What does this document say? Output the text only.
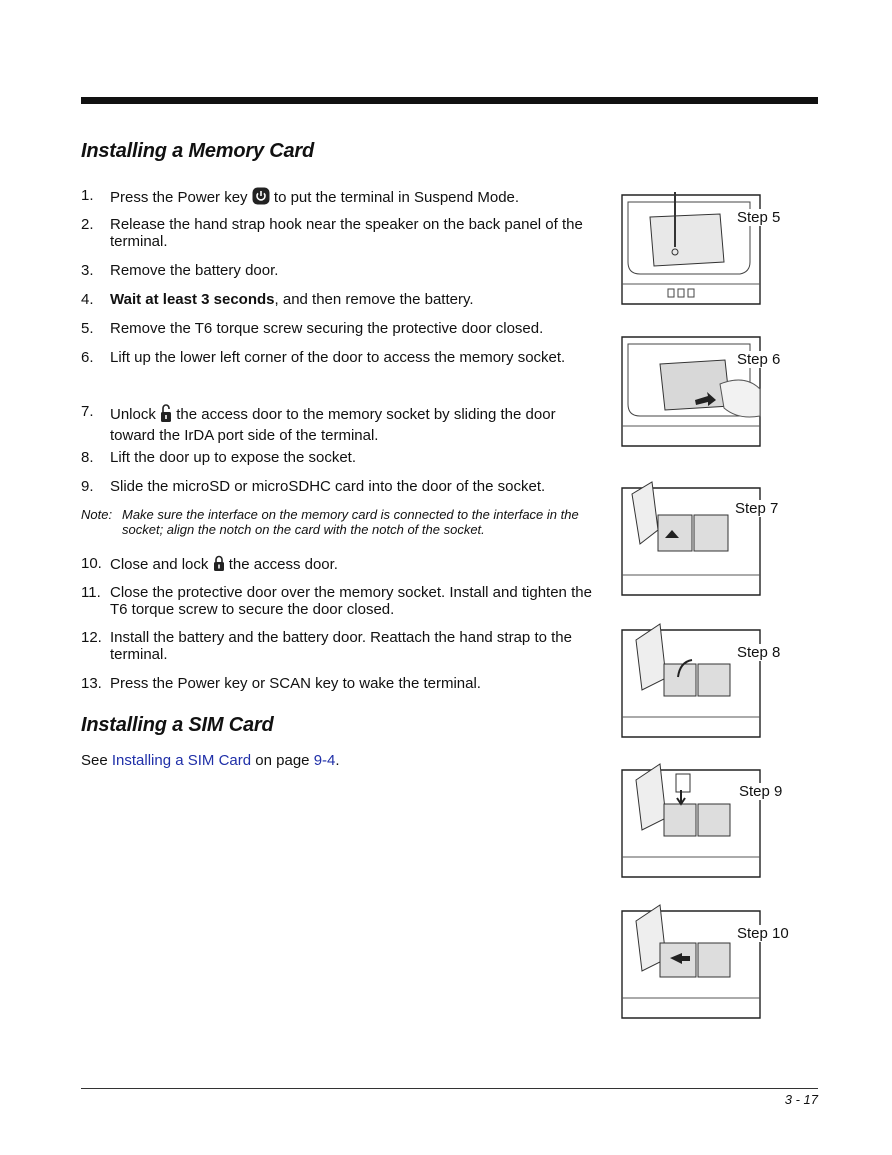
Installing a Memory Card
1.	Press the Power key to put the terminal in Suspend Mode.
2.	Release the hand strap hook near the speaker on the back panel of the terminal.
3.	Remove the battery door.
4.	Wait at least 3 seconds, and then remove the battery.
5.	Remove the T6 torque screw securing the protective door closed.
6.	Lift up the lower left corner of the door to access the memory socket.
7.	Unlock the access door to the memory socket by sliding the door toward the IrDA port side of the terminal.
8.	Lift the door up to expose the socket.
9.	Slide the microSD or microSDHC card into the door of the socket.
Note: Make sure the interface on the memory card is connected to the interface in the socket; align the notch on the card with the notch of the socket.
10. Close and lock the access door.
11. Close the protective door over the memory socket. Install and tighten the T6 torque screw to secure the door closed.
12. Install the battery and the battery door. Reattach the hand strap to the terminal.
13. Press the Power key or SCAN key to wake the terminal.
Installing a SIM Card
See Installing a SIM Card on page 9-4.
Step 5
Step 6
Step 7
Step 8
Step 9
Step 10
3 - 17
